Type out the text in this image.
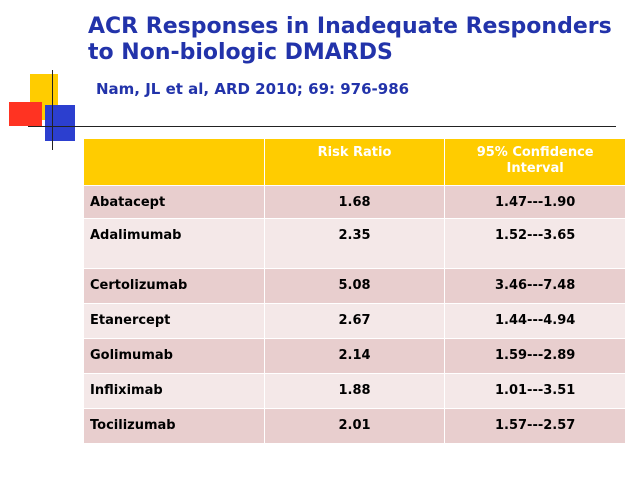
ACR Responses in Inadequate Responders to Non-biologic DMARDS

Nam, JL et al, ARD 2010; 69: 976-986

	Risk Ratio	95% Confidence Interval
Abatacept	1.68	1.47---1.90
Adalimumab	2.35	1.52---3.65
Certolizumab	5.08	3.46---7.48
Etanercept	2.67	1.44---4.94
Golimumab	2.14	1.59---2.89
Infliximab	1.88	1.01---3.51
Tocilizumab	2.01	1.57---2.57
